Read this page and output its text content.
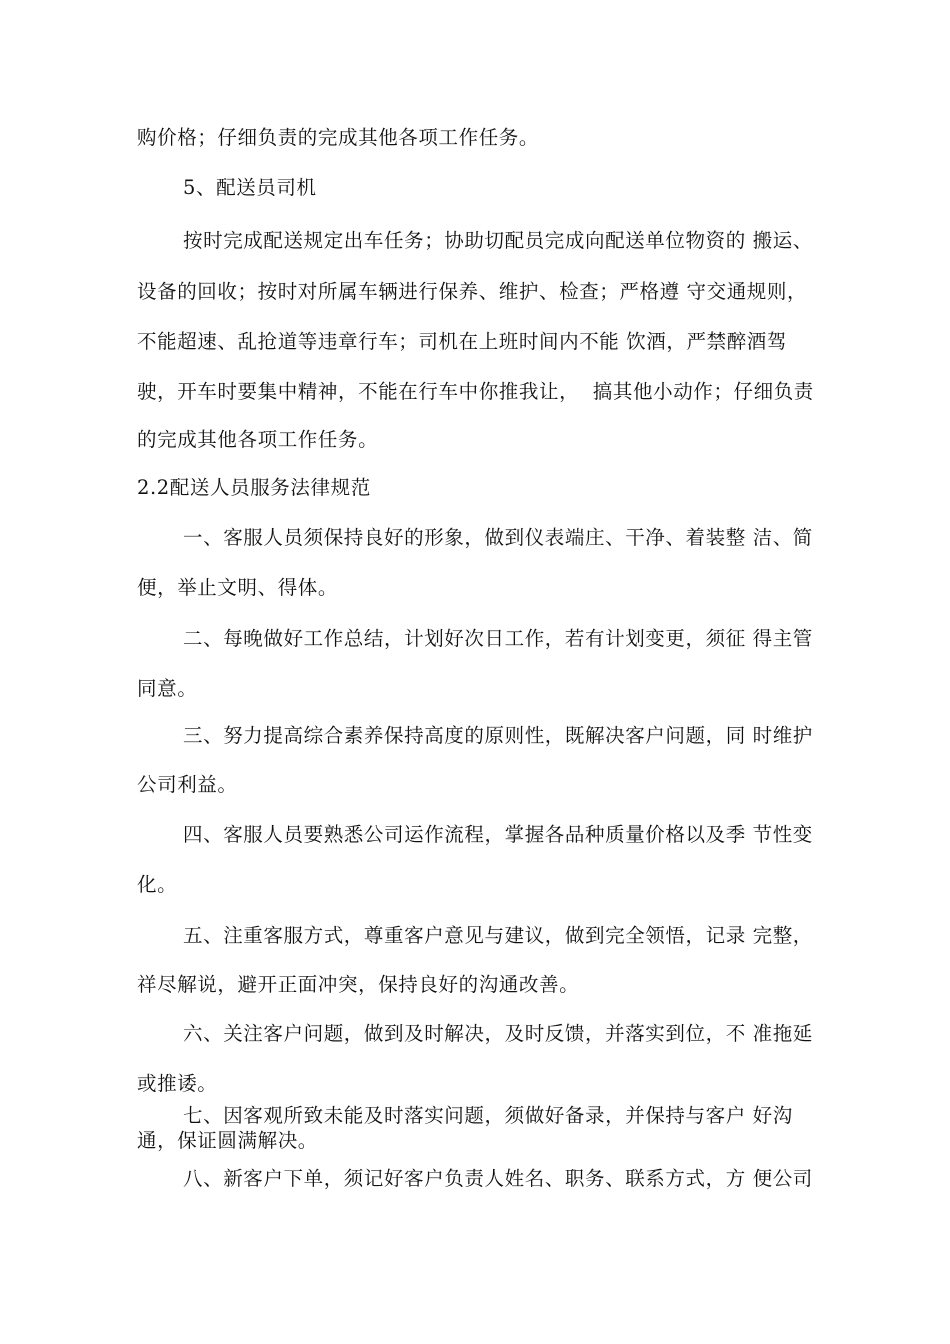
购价格；仔细负责的完成其他各项工作任务。
5、配送员司机
按时完成配送规定出车任务；协助切配员完成向配送单位物资的 搬运、
设备的回收；按时对所属车辆进行保养、维护、检查；严格遵 守交通规则，
不能超速、乱抢道等违章行车；司机在上班时间内不能 饮酒，严禁醉酒驾
驶，开车时要集中精神，不能在行车中你推我让，  搞其他小动作；仔细负责
的完成其他各项工作任务。
2.2配送人员服务法律规范
一、客服人员须保持良好的形象，做到仪表端庄、干净、着装整 洁、简
便，举止文明、得体。
二、每晚做好工作总结，计划好次日工作，若有计划变更，须征 得主管
同意。
三、努力提高综合素养保持高度的原则性，既解决客户问题，同 时维护
公司利益。
四、客服人员要熟悉公司运作流程，掌握各品种质量价格以及季 节性变
化。
五、注重客服方式，尊重客户意见与建议，做到完全领悟，记录 完整，
祥尽解说，避开正面冲突，保持良好的沟通改善。
六、关注客户问题，做到及时解决，及时反馈，并落实到位，不 准拖延
或推诿。
七、因客观所致未能及时落实问题，须做好备录，并保持与客户 好沟
通，保证圆满解决。
八、新客户下单，须记好客户负责人姓名、职务、联系方式，方 便公司
